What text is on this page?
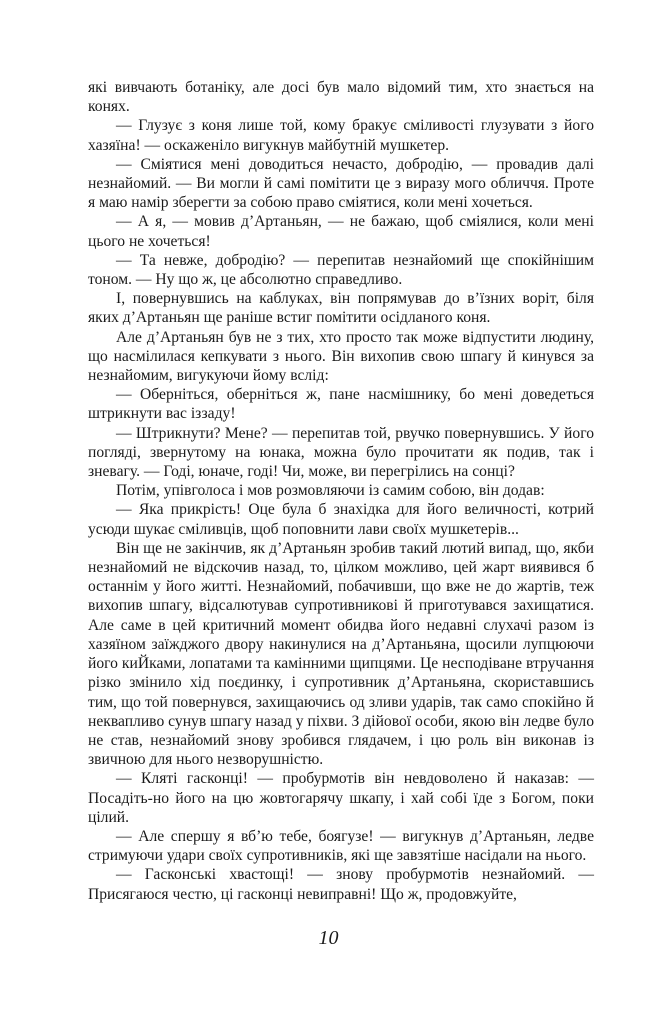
які вивчають ботаніку, але досі був мало відомий тим, хто знається на конях.

— Глузує з коня лише той, кому бракує сміливості глузувати з його хазяїна! — оскаженіло вигукнув майбутній мушкетер.

— Сміятися мені доводиться нечасто, добродію, — провадив далі незнайомий. — Ви могли й самі помітити це з виразу мого обличчя. Проте я маю намір зберегти за собою право сміятися, коли мені хочеться.

— А я, — мовив д’Артаньян, — не бажаю, щоб сміялися, коли мені цього не хочеться!

— Та невже, добродію? — перепитав незнайомий ще спокійнішим тоном. — Ну що ж, це абсолютно справедливо.

І, повернувшись на каблуках, він попрямував до в’їзних воріт, біля яких д’Артаньян ще раніше встиг помітити осідланого коня.

Але д’Артаньян був не з тих, хто просто так може відпустити людину, що насмілилася кепкувати з нього. Він вихопив свою шпагу й кинувся за незнайомим, вигукуючи йому вслід:

— Оберніться, оберніться ж, пане насмішнику, бо мені доведеться штрикнути вас іззаду!

— Штрикнути? Мене? — перепитав той, рвучко повернувшись. У його погляді, звернутому на юнака, можна було прочитати як подив, так і зневагу. — Годі, юначе, годі! Чи, може, ви перегрілись на сонці?

Потім, упівголоса і мов розмовляючи із самим собою, він додав:

— Яка прикрість! Оце була б знахідка для його величності, котрий усюди шукає сміливців, щоб поповнити лави своїх мушкетерів...

Він ще не закінчив, як д’Артаньян зробив такий лютий випад, що, якби незнайомий не відскочив назад, то, цілком можливо, цей жарт виявився б останнім у його житті. Незнайомий, побачивши, що вже не до жартів, теж вихопив шпагу, відсалютував супротивникові й приготувався захищатися. Але саме в цей критичний момент обидва його недавні слухачі разом із хазяїном заїжджого двору накинулися на д’Артаньяна, щосили лупцюючи його киЙками, лопатами та камінними щипцями. Це несподіване втручання різко змінило хід поєдинку, і супротивник д’Артаньяна, скориставшись тим, що той повернувся, захищаючись од зливи ударів, так само спокійно й неквапливо сунув шпагу назад у піхви. З дійової особи, якою він ледве було не став, незнайомий знову зробився глядачем, і цю роль він виконав із звичною для нього незворушністю.

— Кляті гасконці! — пробурмотів він невдоволено й наказав: — Посадіть-но його на цю жовтогарячу шкапу, і хай собі їде з Богом, поки цілий.

— Але спершу я вб’ю тебе, боягузе! — вигукнув д’Артаньян, ледве стримуючи удари своїх супротивників, які ще завзятіше насідали на нього.

— Гасконські хвастощі! — знову пробурмотів незнайомий. — Присягаюся честю, ці гасконці невиправні! Що ж, продовжуйте,

10
